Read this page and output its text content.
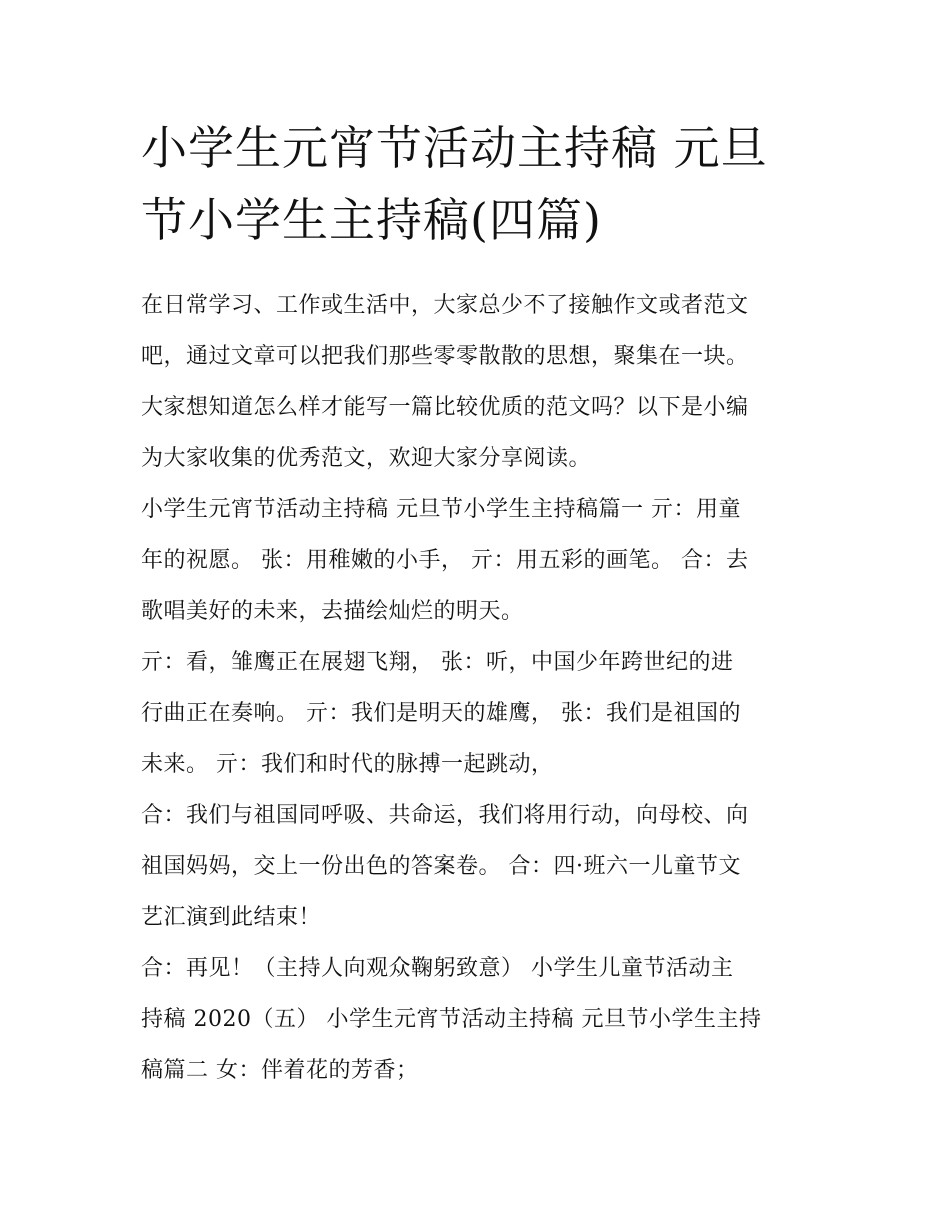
小学生元宵节活动主持稿 元旦
节小学生主持稿(四篇)

在日常学习、工作或生活中，大家总少不了接触作文或者范文
吧，通过文章可以把我们那些零零散散的思想，聚集在一块。
大家想知道怎么样才能写一篇比较优质的范文吗？以下是小编
为大家收集的优秀范文，欢迎大家分享阅读。

小学生元宵节活动主持稿 元旦节小学生主持稿篇一 亓：用童
年的祝愿。 张：用稚嫩的小手， 亓：用五彩的画笔。 合：去
歌唱美好的未来，去描绘灿烂的明天。

亓：看，雏鹰正在展翅飞翔， 张：听，中国少年跨世纪的进
行曲正在奏响。 亓：我们是明天的雄鹰， 张：我们是祖国的
未来。 亓：我们和时代的脉搏一起跳动，

合：我们与祖国同呼吸、共命运，我们将用行动，向母校、向
祖国妈妈，交上一份出色的答案卷。 合：四·班六一儿童节文
艺汇演到此结束！

合：再见！（主持人向观众鞠躬致意） 小学生儿童节活动主
持稿 2020（五） 小学生元宵节活动主持稿 元旦节小学生主持
稿篇二 女：伴着花的芳香；
